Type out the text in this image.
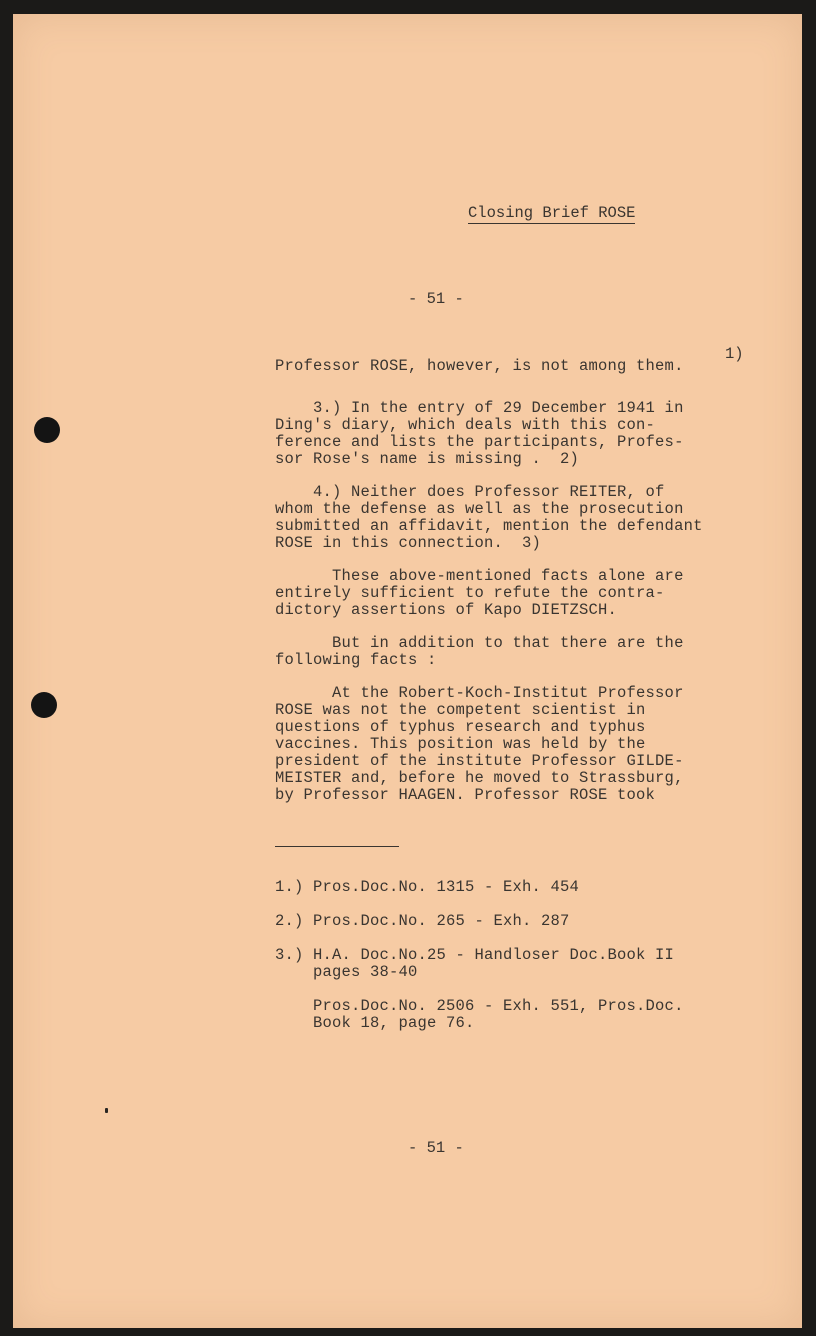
Closing Brief ROSE
- 51 -
1)
Professor ROSE, however, is not among them.
3.) In the entry of 29 December 1941 in
Ding's diary, which deals with this con-
ference and lists the participants, Profes-
sor Rose's name is missing .  2)
4.) Neither does Professor REITER, of
whom the defense as well as the prosecution
submitted an affidavit, mention the defendant
ROSE in this connection.  3)
These above-mentioned facts alone are
entirely sufficient to refute the contra-
dictory assertions of Kapo DIETZSCH.
But in addition to that there are the
following facts :
At the Robert-Koch-Institut Professor
ROSE was not the competent scientist in
questions of typhus research and typhus
vaccines. This position was held by the
president of the institute Professor GILDE-
MEISTER and, before he moved to Strassburg,
by Professor HAAGEN. Professor ROSE took
1.) Pros.Doc.No. 1315 - Exh. 454
2.) Pros.Doc.No. 265 - Exh. 287
3.) H.A. Doc.No.25 - Handloser Doc.Book II
pages 38-40
Pros.Doc.No. 2506 - Exh. 551, Pros.Doc.
Book 18, page 76.
- 51 -
